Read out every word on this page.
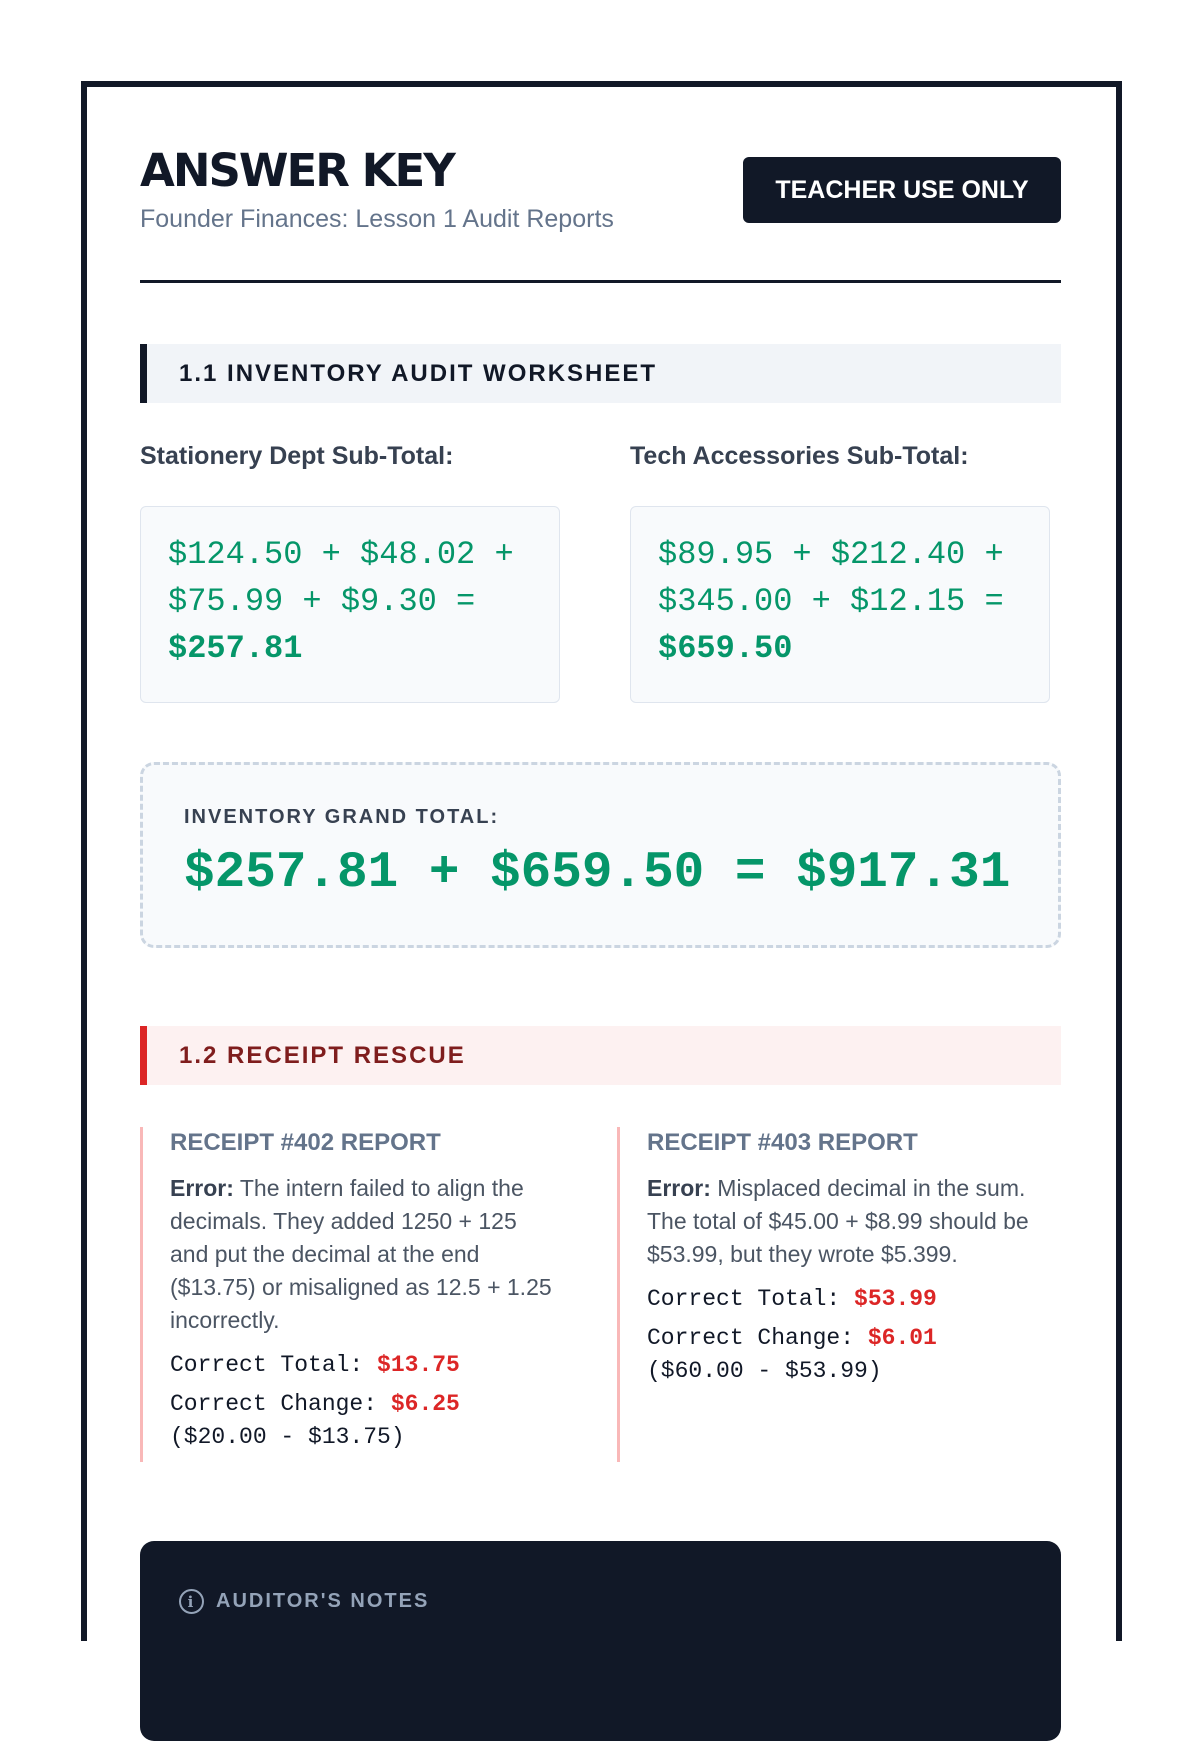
ANSWER KEY
Founder Finances: Lesson 1 Audit Reports
TEACHER USE ONLY
1.1 INVENTORY AUDIT WORKSHEET
Stationery Dept Sub-Total:	Tech Accessories Sub-Total:
$124.50 + $48.02 +
$75.99 + $9.30 =
$257.81
$89.95 + $212.40 +
$345.00 + $12.15 =
$659.50
INVENTORY GRAND TOTAL:
$257.81 + $659.50 = $917.31
1.2 RECEIPT RESCUE
RECEIPT #402 REPORT
Error: The intern failed to align the decimals. They added 1250 + 125 and put the decimal at the end ($13.75) or misaligned as 12.5 + 1.25 incorrectly.
Correct Total: $13.75
Correct Change: $6.25
($20.00 - $13.75)
RECEIPT #403 REPORT
Error: Misplaced decimal in the sum. The total of $45.00 + $8.99 should be $53.99, but they wrote $5.399.
Correct Total: $53.99
Correct Change: $6.01
($60.00 - $53.99)
i	AUDITOR'S NOTES
